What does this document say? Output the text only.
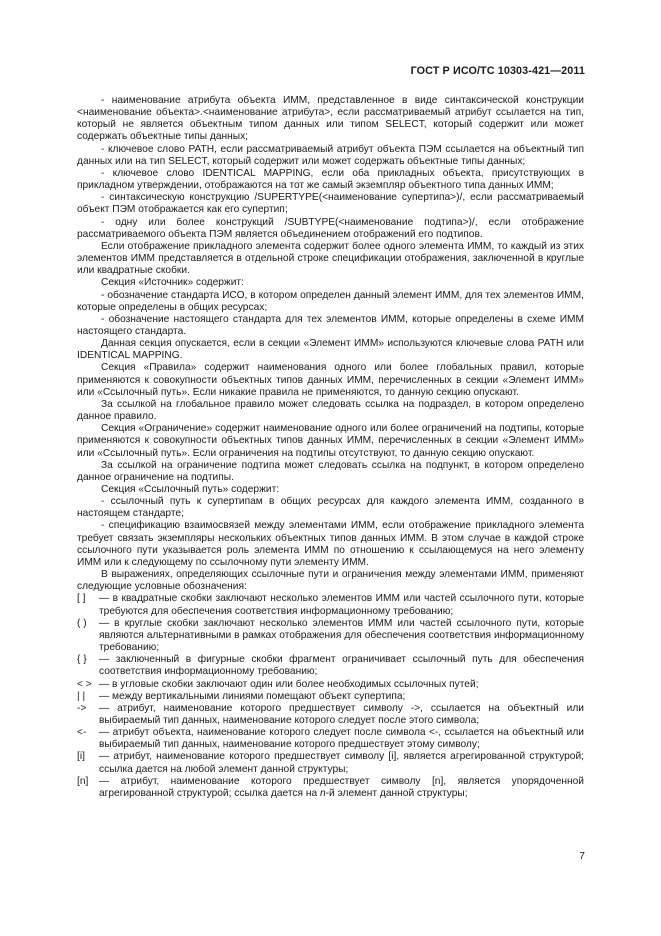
ГОСТ Р ИСО/ТС 10303-421—2011

- наименование атрибута объекта ИММ, представленное в виде синтаксической конструкции <наименование объекта>.<наименование атрибута>, если рассматриваемый атрибут ссылается на тип, который не является объектным типом данных или типом SELECT, который содержит или может содержать объектные типы данных;

- ключевое слово PATH, если рассматриваемый атрибут объекта ПЭМ ссылается на объектный тип данных или на тип SELECT, который содержит или может содержать объектные типы данных;

- ключевое слово IDENTICAL MAPPING, если оба прикладных объекта, присутствующих в прикладном утверждении, отображаются на тот же самый экземпляр объектного типа данных ИММ;

- синтаксическую конструкцию /SUPERTYPE(<наименование супертипа>)/, если рассматриваемый объект ПЭМ отображается как его супертип;

- одну или более конструкций /SUBTYPE(<наименование подтипа>)/, если отображение рассматриваемого объекта ПЭМ является объединением отображений его подтипов.

Если отображение прикладного элемента содержит более одного элемента ИММ, то каждый из этих элементов ИММ представляется в отдельной строке спецификации отображения, заключенной в круглые или квадратные скобки.

Секция «Источник» содержит:

- обозначение стандарта ИСО, в котором определен данный элемент ИММ, для тех элементов ИММ, которые определены в общих ресурсах;

- обозначение настоящего стандарта для тех элементов ИММ, которые определены в схеме ИММ настоящего стандарта.

Данная секция опускается, если в секции «Элемент ИММ» используются ключевые слова PATH или IDENTICAL MAPPING.

Секция «Правила» содержит наименования одного или более глобальных правил, которые применяются к совокупности объектных типов данных ИММ, перечисленных в секции «Элемент ИММ» или «Ссылочный путь». Если никакие правила не применяются, то данную секцию опускают.

За ссылкой на глобальное правило может следовать ссылка на подраздел, в котором определено данное правило.

Секция «Ограничение» содержит наименование одного или более ограничений на подтипы, которые применяются к совокупности объектных типов данных ИММ, перечисленных в секции «Элемент ИММ» или «Ссылочный путь». Если ограничения на подтипы отсутствуют, то данную секцию опускают.

За ссылкой на ограничение подтипа может следовать ссылка на подпункт, в котором определено данное ограничение на подтипы.

Секция «Ссылочный путь» содержит:

- ссылочный путь к супертипам в общих ресурсах для каждого элемента ИММ, созданного в настоящем стандарте;

- спецификацию взаимосвязей между элементами ИММ, если отображение прикладного элемента требует связать экземпляры нескольких объектных типов данных ИММ. В этом случае в каждой строке ссылочного пути указывается роль элемента ИММ по отношению к ссылающемуся на него элементу ИММ или к следующему по ссылочному пути элементу ИММ.

В выражениях, определяющих ссылочные пути и ограничения между элементами ИММ, применяют следующие условные обозначения:

[ ]	— в квадратные скобки заключают несколько элементов ИММ или частей ссылочного пути, которые требуются для обеспечения соответствия информационному требованию;
( )	— в круглые скобки заключают несколько элементов ИММ или частей ссылочного пути, которые являются альтернативными в рамках отображения для обеспечения соответствия информационному требованию;
{ }	— заключенный в фигурные скобки фрагмент ограничивает ссылочный путь для обеспечения соответствия информационному требованию;
< > — в угловые скобки заключают один или более необходимых ссылочных путей;
| |	— между вертикальными линиями помещают объект супертипа;
->	— атрибут, наименование которого предшествует символу ->, ссылается на объектный или выбираемый тип данных, наименование которого следует после этого символа;
<-	— атрибут объекта, наименование которого следует после символа <-, ссылается на объектный или выбираемый тип данных, наименование которого предшествует этому символу;
[i]	— атрибут, наименование которого предшествует символу [i], является агрегированной структурой; ссылка дается на любой элемент данной структуры;
[n]	— атрибут, наименование которого предшествует символу [n], является упорядоченной агрегированной структурой; ссылка дается на n-й элемент данной структуры;
7
